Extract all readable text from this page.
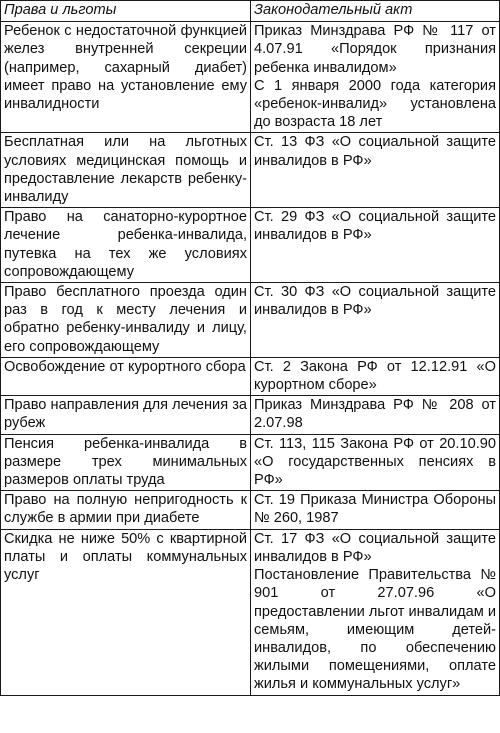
Права и льготы	Законодательный акт
Ребенок с недостаточной функцией желез внутренней секреции (например, сахарный диабет) имеет право на установление ему инвалидности	Приказ Минздрава РФ № 117 от 4.07.91 «Порядок признания ребенка инвалидом»
С 1 января 2000 года категория «ребенок-инвалид» установлена до возраста 18 лет

Бесплатная или на льготных условиях медицинская помощь и предоставление лекарств ребенку-инвалиду	Ст. 13 ФЗ «О социальной защите инвалидов в РФ»

Право на санаторно-курортное лечение ребенка-инвалида, путевка на тех же условиях сопровождающему	Ст. 29 ФЗ «О социальной защите инвалидов в РФ»

Право бесплатного проезда один раз в год к месту лечения и обратно ребенку-инвалиду и лицу, его сопровождающему	Ст. 30 ФЗ «О социальной защите инвалидов в РФ»

Освобождение от курортного сбора	Ст. 2 Закона РФ от 12.12.91 «О курортном сборе»

Право направления для лечения за рубеж	Приказ Минздрава РФ № 208 от 2.07.98

Пенсия ребенка-инвалида в размере трех минимальных размеров оплаты труда	Ст. 113, 115 Закона РФ от 20.10.90 «О государственных пенсиях в РФ»

Право на полную непригодность к службе в армии при диабете	Ст. 19 Приказа Министра Обороны № 260, 1987

Скидка не ниже 50% с квартирной платы и оплаты коммунальных услуг	Ст. 17 ФЗ «О социальной защите инвалидов в РФ»
Постановление Правительства № 901 от 27.07.96 «О предоставлении льгот инвалидам и семьям, имеющим детей-инвалидов, по обеспечению жилыми помещениями, оплате жилья и коммунальных услуг»
